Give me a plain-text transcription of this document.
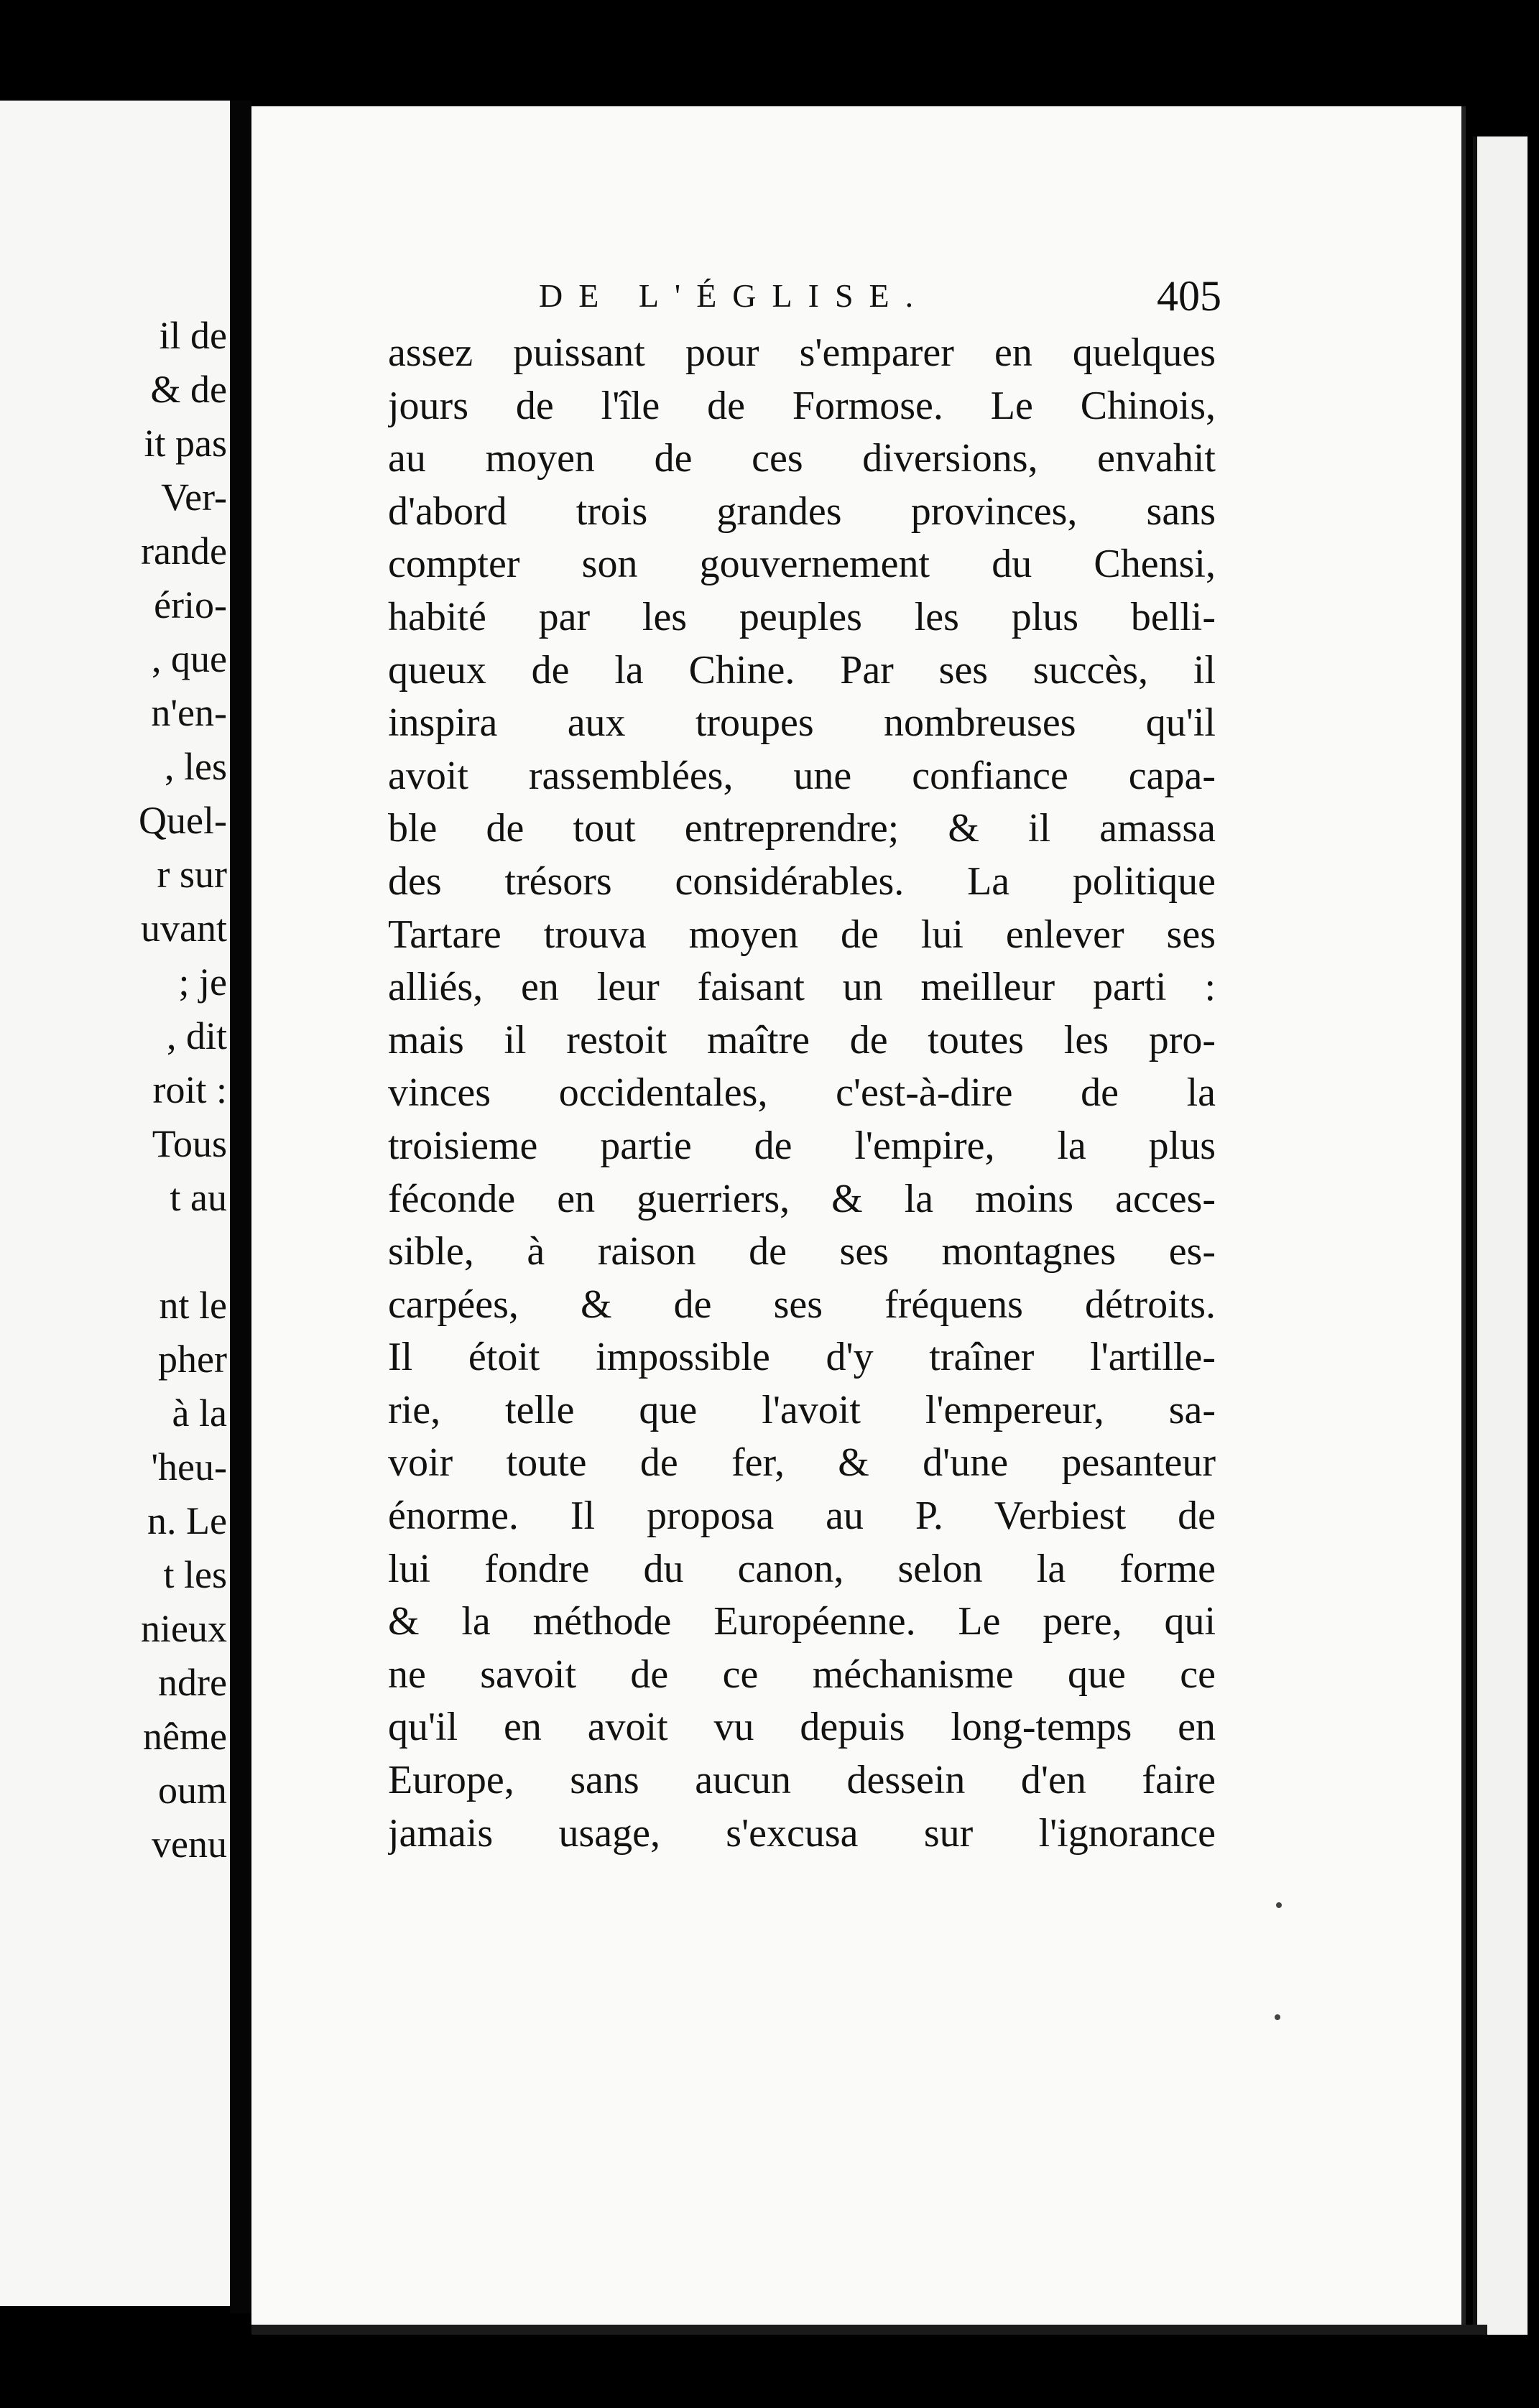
il de
& de
it pas
Ver-
rande
ério-
, que
n'en-
, les
Quel-
r sur
uvant
; je
, dit
roit :
Tous
t au
nt le
pher
à la
'heu-
n. Le
t les
nieux
ndre
nême
oum
venu
DE L'ÉGLISE.	405
assez puissant pour s'emparer en quelques
jours de l'île de Formose. Le Chinois,
au moyen de ces diversions, envahit
d'abord trois grandes provinces, sans
compter son gouvernement du Chensi,
habité par les peuples les plus belli-
queux de la Chine. Par ses succès, il
inspira aux troupes nombreuses qu'il
avoit rassemblées, une confiance capa-
ble de tout entreprendre; & il amassa
des trésors considérables. La politique
Tartare trouva moyen de lui enlever ses
alliés, en leur faisant un meilleur parti :
mais il restoit maître de toutes les pro-
vinces occidentales, c'est-à-dire de la
troisieme partie de l'empire, la plus
féconde en guerriers, & la moins acces-
sible, à raison de ses montagnes es-
carpées, & de ses fréquens détroits.
Il étoit impossible d'y traîner l'artille-
rie, telle que l'avoit l'empereur, sa-
voir toute de fer, & d'une pesanteur
énorme. Il proposa au P. Verbiest de
lui fondre du canon, selon la forme
& la méthode Européenne. Le pere, qui
ne savoit de ce méchanisme que ce
qu'il en avoit vu depuis long-temps en
Europe, sans aucun dessein d'en faire
jamais usage, s'excusa sur l'ignorance
